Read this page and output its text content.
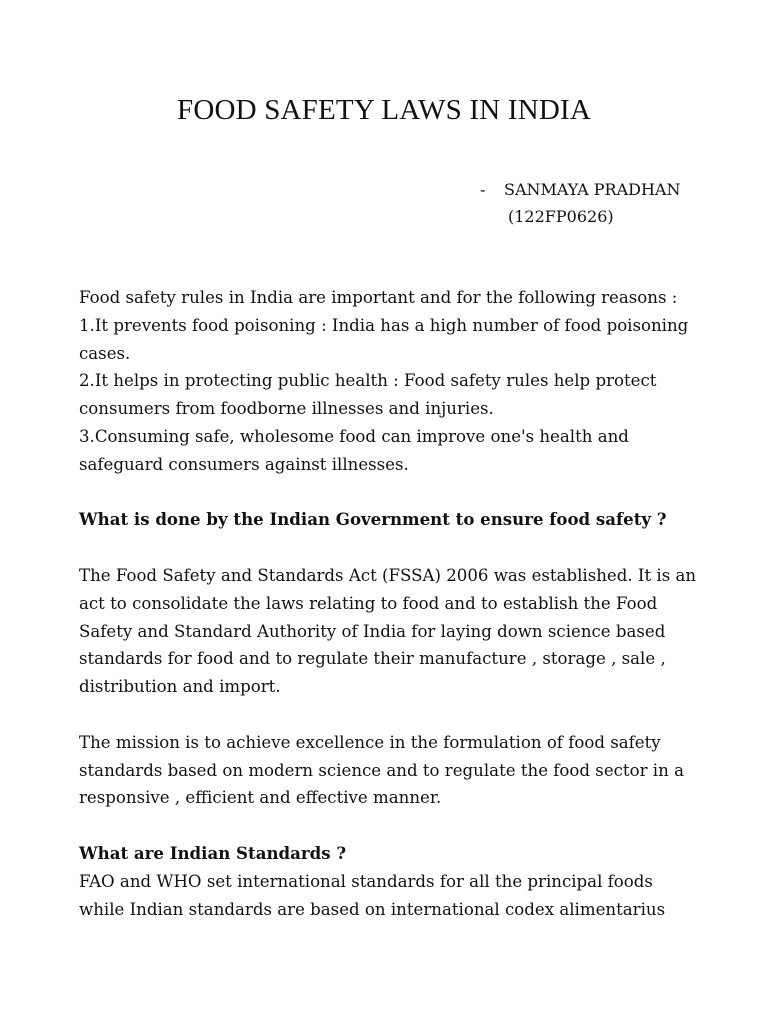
FOOD SAFETY LAWS IN INDIA
- SANMAYA PRADHAN
(122FP0626)

Food safety rules in India are important and for the following reasons :

1.It prevents food poisoning : India has a high number of food poisoning cases.

2.It helps in protecting public health : Food safety rules help protect consumers from foodborne illnesses and injuries.

3.Consuming safe, wholesome food can improve one's health and safeguard consumers against illnesses.

What is done by the Indian Government to ensure food safety ?

The Food Safety and Standards Act (FSSA) 2006 was established. It is an act to consolidate the laws relating to food and to establish the Food Safety and Standard Authority of India for laying down science based standards for food and to regulate their manufacture , storage , sale , distribution and import.

The mission is to achieve excellence in the formulation of food safety standards based on modern science and to regulate the food sector in a responsive , efficient and effective manner.

What are Indian Standards ?

FAO and WHO set international standards for all the principal foods while Indian standards are based on international codex alimentarius
